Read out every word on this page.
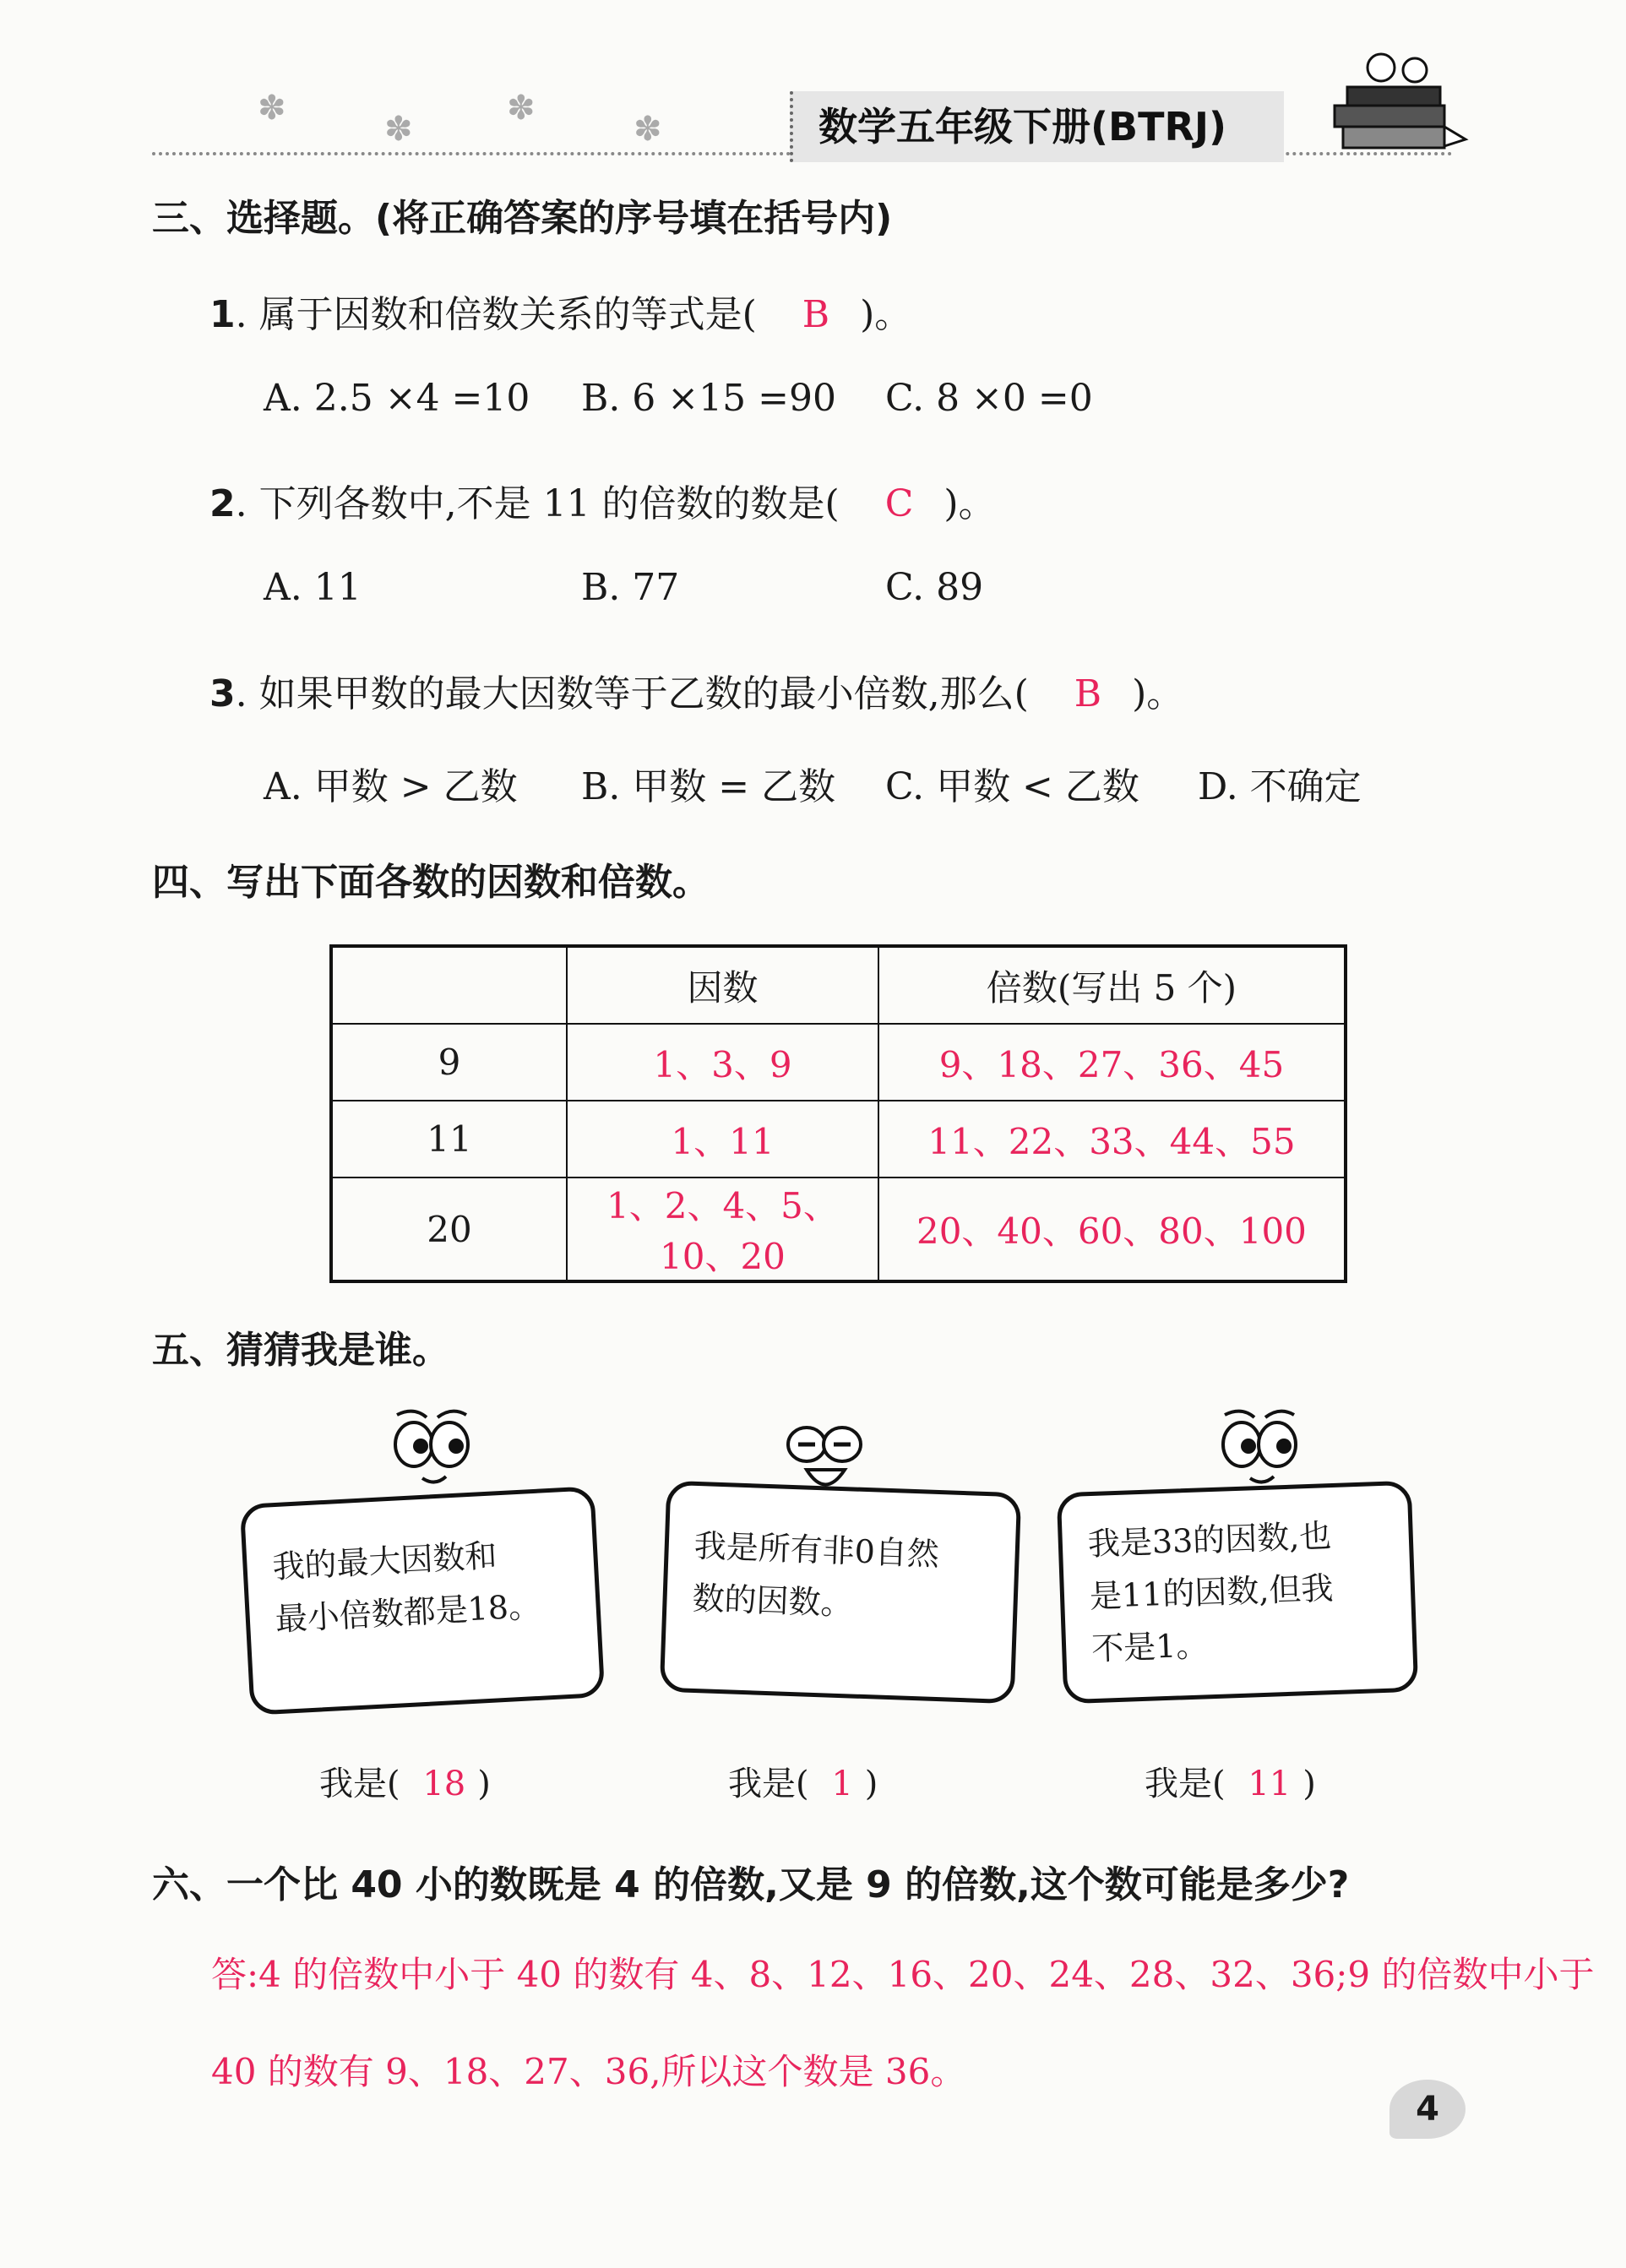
✽
✽
✽
✽	数学五年级下册(BTRJ)
三、选择题。(将正确答案的序号填在括号内)
1. 属于因数和倍数关系的等式是( B )。
A. 2.5 ×4 =10 B. 6 ×15 =90 C. 8 ×0 =0
2. 下列各数中,不是 11 的倍数的数是( C )。
A. 11	B. 77	C. 89
3. 如果甲数的最大因数等于乙数的最小倍数,那么( B )。
A. 甲数 > 乙数 B. 甲数 = 乙数 C. 甲数 < 乙数 D. 不确定
四、写出下面各数的因数和倍数。
	因数	倍数(写出 5 个)
9	1、3、9	9、18、27、36、45
11	1、11	11、22、33、44、55
20	1、2、4、5、10、20	20、40、60、80、100
五、猜猜我是谁。
我的最大因数和
最小倍数都是18。
我是( 18 )
我是所有非0自然
数的因数。
我是( 1 )
我是33的因数,也
是11的因数,但我
不是1。
我是( 11 )
六、一个比 40 小的数既是 4 的倍数,又是 9 的倍数,这个数可能是多少?
答:4 的倍数中小于 40 的数有 4、8、12、16、20、24、28、32、36;9 的倍数中小于
40 的数有 9、18、27、36,所以这个数是 36。
4
